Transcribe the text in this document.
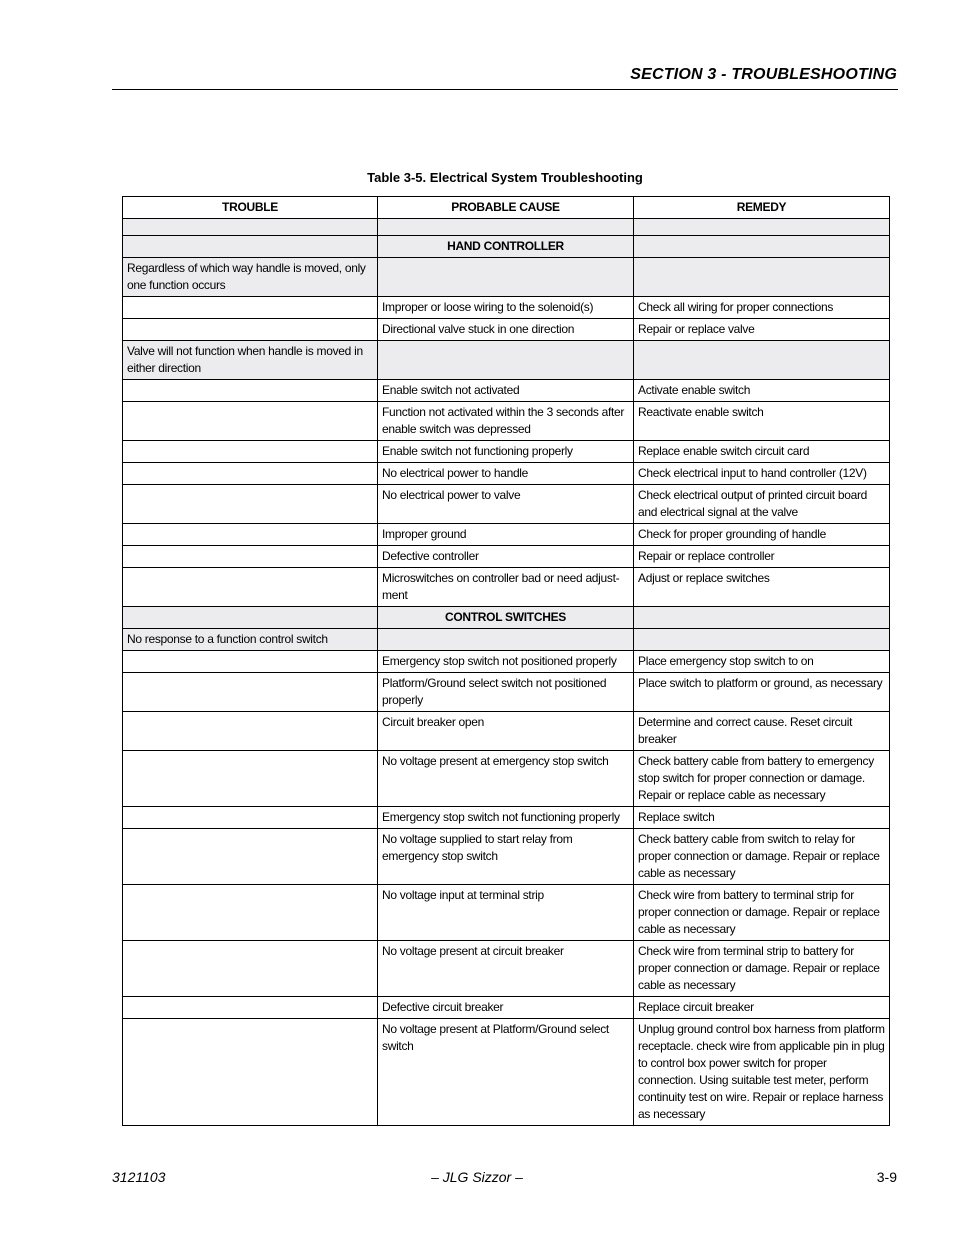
SECTION 3 - TROUBLESHOOTING
Table 3-5. Electrical System Troubleshooting
TROUBLE	PROBABLE CAUSE	REMEDY

	HAND CONTROLLER	
Regardless of which way handle is moved, only one function occurs		
	Improper or loose wiring to the solenoid(s)	Check all wiring for proper connections
	Directional valve stuck in one direction	Repair or replace valve
Valve will not function when handle is moved in either direction		
	Enable switch not activated	Activate enable switch
	Function not activated within the 3 seconds after enable switch was depressed	Reactivate enable switch
	Enable switch not functioning properly	Replace enable switch circuit card
	No electrical power to handle	Check electrical input to hand controller (12V)
	No electrical power to valve	Check electrical output of printed circuit board and electrical signal at the valve
	Improper ground	Check for proper grounding of handle
	Defective controller	Repair or replace controller
	Microswitches on controller bad or need adjust-ment	Adjust or replace switches
	CONTROL SWITCHES	
No response to a function control switch		
	Emergency stop switch not positioned properly	Place emergency stop switch to on
	Platform/Ground select switch not positioned properly	Place switch to platform or ground, as necessary
	Circuit breaker open	Determine and correct cause. Reset circuit breaker
	No voltage present at emergency stop switch	Check battery cable from battery to emergency stop switch for proper connection or damage. Repair or replace cable as necessary
	Emergency stop switch not functioning properly	Replace switch
	No voltage supplied to start relay from emergency stop switch	Check battery cable from switch to relay for proper connection or damage. Repair or replace cable as necessary
	No voltage input at terminal strip	Check wire from battery to terminal strip for proper connection or damage. Repair or replace cable as necessary
	No voltage present at circuit breaker	Check wire from terminal strip to battery for proper connection or damage. Repair or replace cable as necessary
	Defective circuit breaker	Replace circuit breaker
	No voltage present at Platform/Ground select switch	Unplug ground control box harness from platform receptacle. check wire from applicable pin in plug to control box power switch for proper connection. Using suitable test meter, perform continuity test on wire. Repair or replace harness as necessary
3121103	– JLG Sizzor –	3-9
